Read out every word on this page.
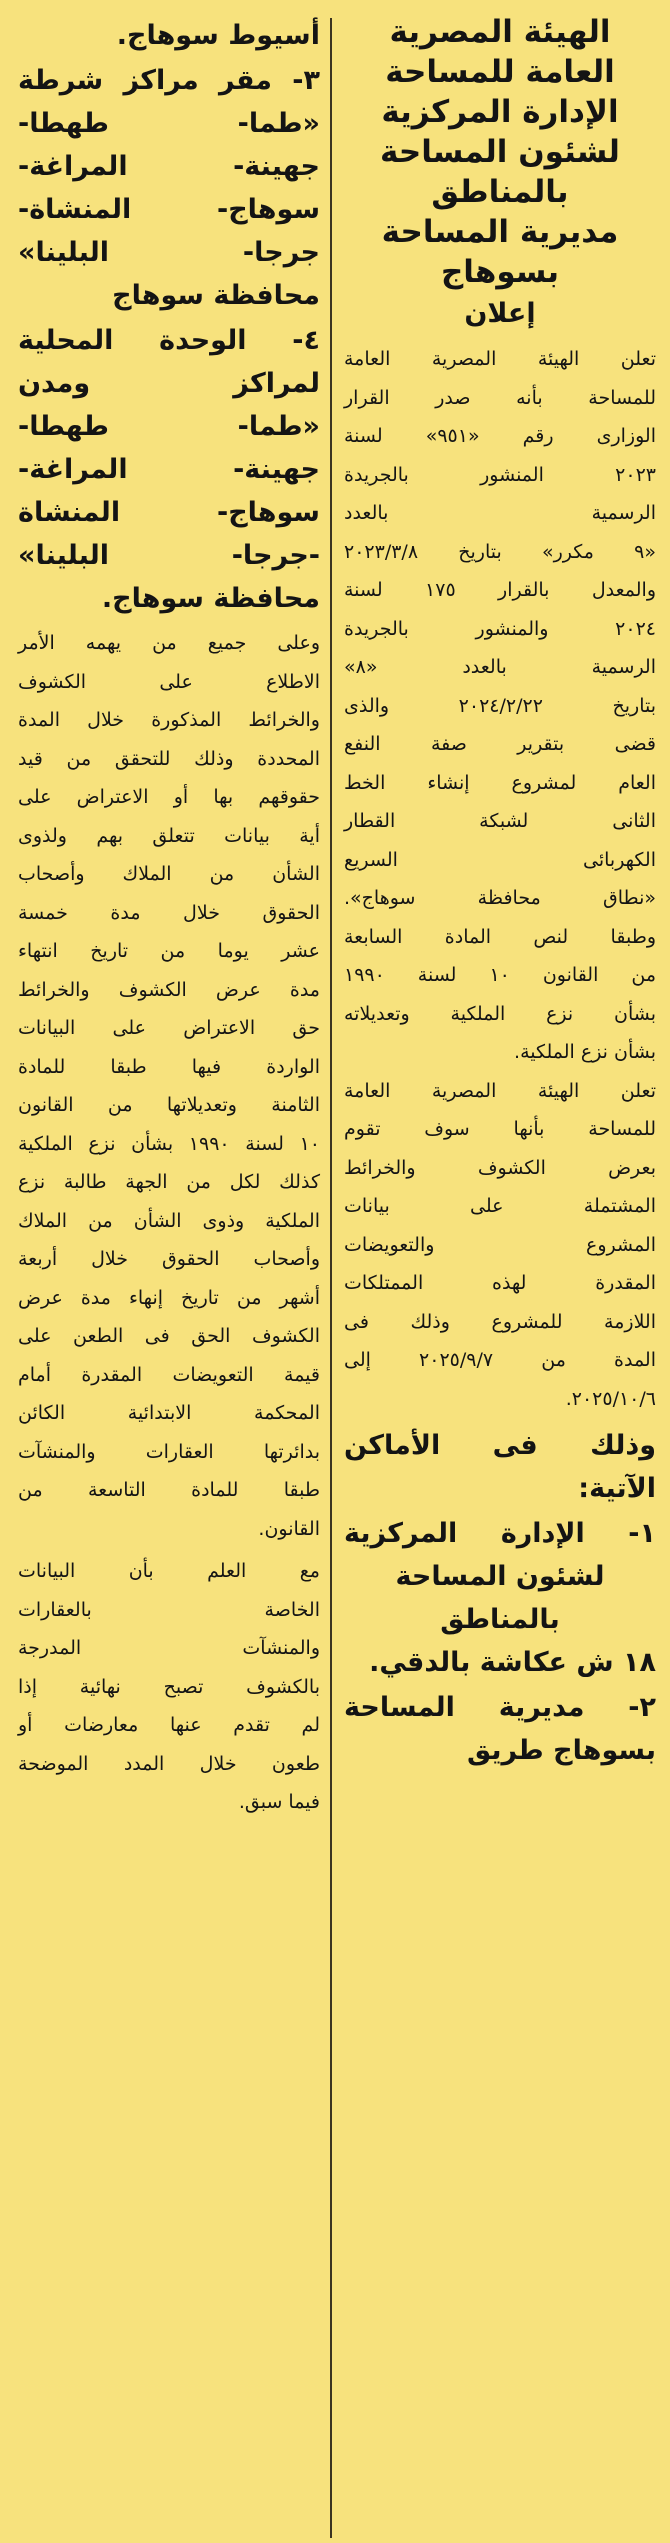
الهيئة المصرية
العامة للمساحة
الإدارة المركزية
لشئون المساحة
بالمناطق
مديرية المساحة
بسوهاج
إعلان
تعلن الهيئة المصرية العامة
للمساحة بأنه صدر القرار
الوزارى رقم «٩٥١» لسنة
٢٠٢٣ المنشور بالجريدة
الرسمية بالعدد
«٩ مكرر» بتاريخ ٢٠٢٣/٣/٨
والمعدل بالقرار ١٧٥ لسنة
٢٠٢٤ والمنشور بالجريدة
الرسمية بالعدد «٨»
بتاريخ ٢٠٢٤/٢/٢٢ والذى
قضى بتقرير صفة النفع
العام لمشروع إنشاء الخط
الثانى لشبكة القطار
الكهربائى السريع
«نطاق محافظة سوهاج».
وطبقا لنص المادة السابعة
من القانون ١٠ لسنة ١٩٩٠
بشأن نزع الملكية وتعديلاته
بشأن نزع الملكية.
تعلن الهيئة المصرية العامة
للمساحة بأنها سوف تقوم
بعرض الكشوف والخرائط
المشتملة على بيانات
المشروع والتعويضات
المقدرة لهذه الممتلكات
اللازمة للمشروع وذلك فى
المدة من ٢٠٢٥/٩/٧ إلى
٢٠٢٥/١٠/٦.
وذلك فى الأماكن
الآتية:
١- الإدارة المركزية
لشئون المساحة
بالمناطق
١٨ ش عكاشة بالدقي.
٢- مديرية المساحة
بسوهاج طريق
أسيوط سوهاج.
٣- مقر مراكز شرطة
«طما- طهطا-
جهينة- المراغة-
سوهاج- المنشاة-
جرجا- البلينا»
محافظة سوهاج
٤- الوحدة المحلية
لمراكز ومدن
«طما- طهطا-
جهينة- المراغة-
سوهاج- المنشاة
-جرجا- البلينا»
محافظة سوهاج.
وعلى جميع من يهمه الأمر
الاطلاع على الكشوف
والخرائط المذكورة خلال المدة
المحددة وذلك للتحقق من قيد
حقوقهم بها أو الاعتراض على
أية بيانات تتعلق بهم ولذوى
الشأن من الملاك وأصحاب
الحقوق خلال مدة خمسة
عشر يوما من تاريخ انتهاء
مدة عرض الكشوف والخرائط
حق الاعتراض على البيانات
الواردة فيها طبقا للمادة
الثامنة وتعديلاتها من القانون
١٠ لسنة ١٩٩٠ بشأن نزع الملكية
كذلك لكل من الجهة طالبة نزع
الملكية وذوى الشأن من الملاك
وأصحاب الحقوق خلال أربعة
أشهر من تاريخ إنهاء مدة عرض
الكشوف الحق فى الطعن على
قيمة التعويضات المقدرة أمام
المحكمة الابتدائية الكائن
بدائرتها العقارات والمنشآت
طبقا للمادة التاسعة من
القانون.
مع العلم بأن البيانات
الخاصة بالعقارات
والمنشآت المدرجة
بالكشوف تصبح نهائية إذا
لم تقدم عنها معارضات أو
طعون خلال المدد الموضحة
فيما سبق.
